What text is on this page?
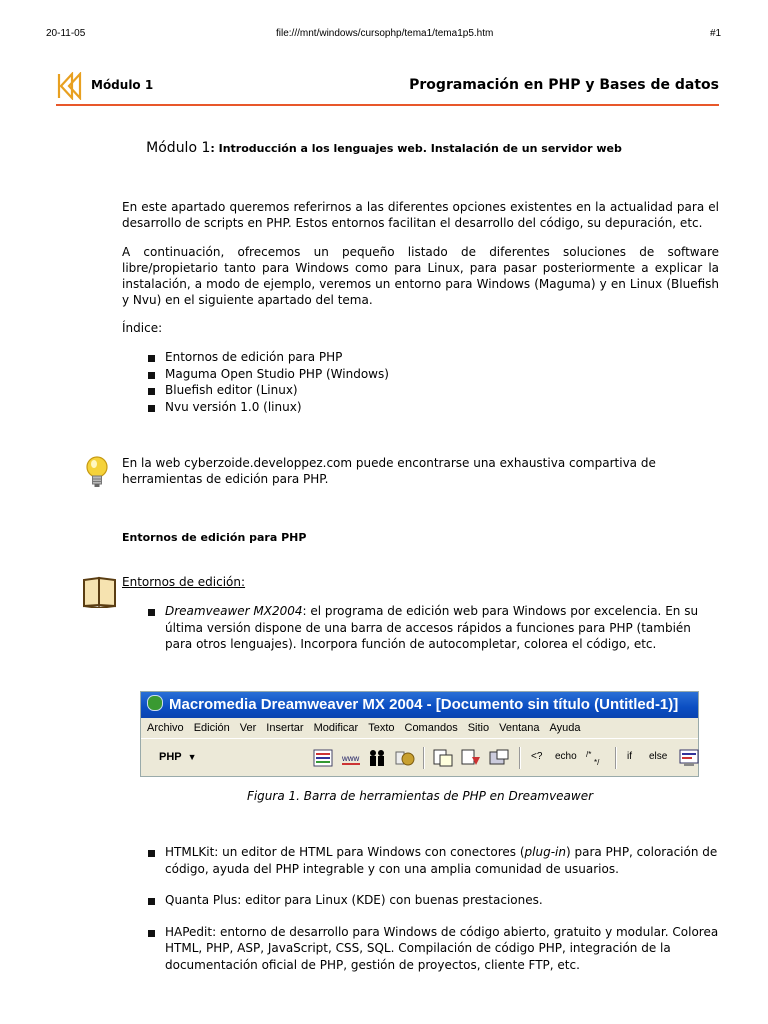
20-11-05	file:///mnt/windows/cursophp/tema1/tema1p5.htm	#1
Módulo 1	Programación en PHP y Bases de datos
Módulo 1: Introducción a los lenguajes web. Instalación de un servidor web
En este apartado queremos referirnos a las diferentes opciones existentes en la actualidad para el desarrollo de scripts en PHP. Estos entornos facilitan el desarrollo del código, su depuración, etc.
A continuación, ofrecemos un pequeño listado de diferentes soluciones de software libre/propietario tanto para Windows como para Linux, para pasar posteriormente a explicar la instalación, a modo de ejemplo, veremos un entorno para Windows (Maguma) y en Linux (Bluefish y Nvu) en el siguiente apartado del tema.
Índice:
Entornos de edición para PHP
Maguma Open Studio PHP (Windows)
Bluefish editor (Linux)
Nvu versión 1.0 (linux)
En la web cyberzoide.developpez.com puede encontrarse una exhaustiva compartiva de herramientas de edición para PHP.
Entornos de edición para PHP
Entornos de edición:
Dreamveawer MX2004: el programa de edición web para Windows por excelencia. En su última versión dispone de una barra de accesos rápidos a funciones para PHP (también para otros lenguajes). Incorpora función de autocompletar, colorea el código, etc.
Macromedia Dreamweaver MX 2004 - [Documento sin título (Untitled-1)]
Archivo Edición Ver Insertar Modificar Texto Comandos Sitio Ventana Ayuda
PHP ▼	www	<? echo /*
*/
if else
Figura 1. Barra de herramientas de PHP en Dreamveawer
HTMLKit: un editor de HTML para Windows con conectores (plug-in) para PHP, coloración de código, ayuda del PHP integrable y con una amplia comunidad de usuarios.
Quanta Plus: editor para Linux (KDE) con buenas prestaciones.
HAPedit: entorno de desarrollo para Windows de código abierto, gratuito y modular. Colorea HTML, PHP, ASP, JavaScript, CSS, SQL. Compilación de código PHP, integración de la documentación oficial de PHP, gestión de proyectos, cliente FTP, etc.
